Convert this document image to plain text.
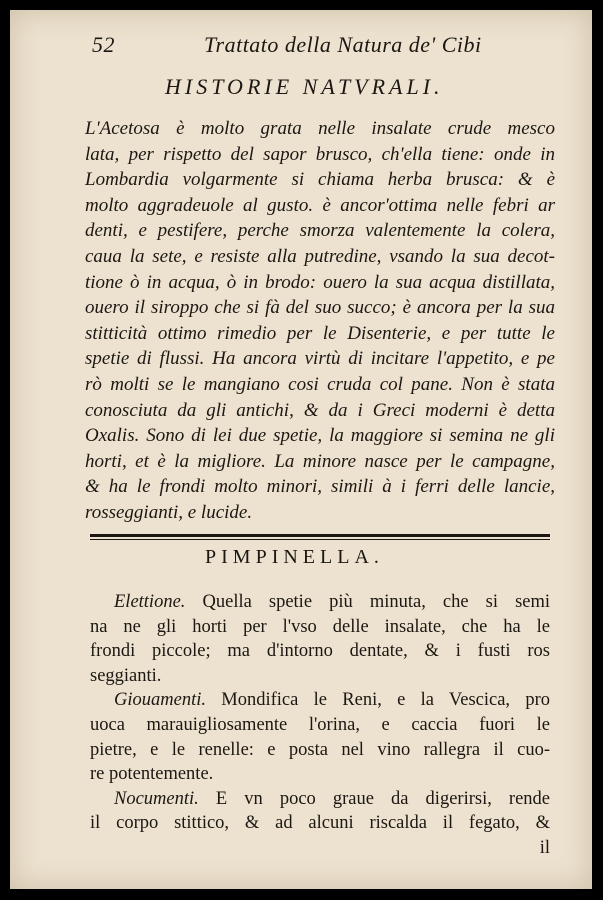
52	Trattato della Natura de' Cibi
HISTORIE NATVRALI.
L'Acetosa è molto grata nelle insalate crude mesco
lata, per rispetto del sapor brusco, ch'ella tiene: onde in
Lombardia volgarmente si chiama herba brusca: & è
molto aggradeuole al gusto. è ancor'ottima nelle febri ar
denti, e pestifere, perche smorza valentemente la colera,
caua la sete, e resiste alla putredine, vsando la sua decot-
tione ò in acqua, ò in brodo: ouero la sua acqua distillata,
ouero il siroppo che si fà del suo succo; è ancora per la sua
stitticità ottimo rimedio per le Disenterie, e per tutte le
spetie di flussi. Ha ancora virtù di incitare l'appetito, e pe
rò molti se le mangiano cosi cruda col pane. Non è stata
conosciuta da gli antichi, & da i Greci moderni è detta
Oxalis. Sono di lei due spetie, la maggiore si semina ne gli
horti, et è la migliore. La minore nasce per le campagne,
& ha le frondi molto minori, simili à i ferri delle lancie,
rosseggianti, e lucide.
PIMPINELLA.
Elettione. Quella spetie più minuta, che si semi
na ne gli horti per l'vso delle insalate, che ha le
frondi piccole; ma d'intorno dentate, & i fusti ros
seggianti.
Giouamenti. Mondifica le Reni, e la Vescica, pro
uoca marauigliosamente l'orina, e caccia fuori le
pietre, e le renelle: e posta nel vino rallegra il cuo-
re potentemente.
Nocumenti. E vn poco graue da digerirsi, rende
il corpo stittico, & ad alcuni riscalda il fegato, &
il
